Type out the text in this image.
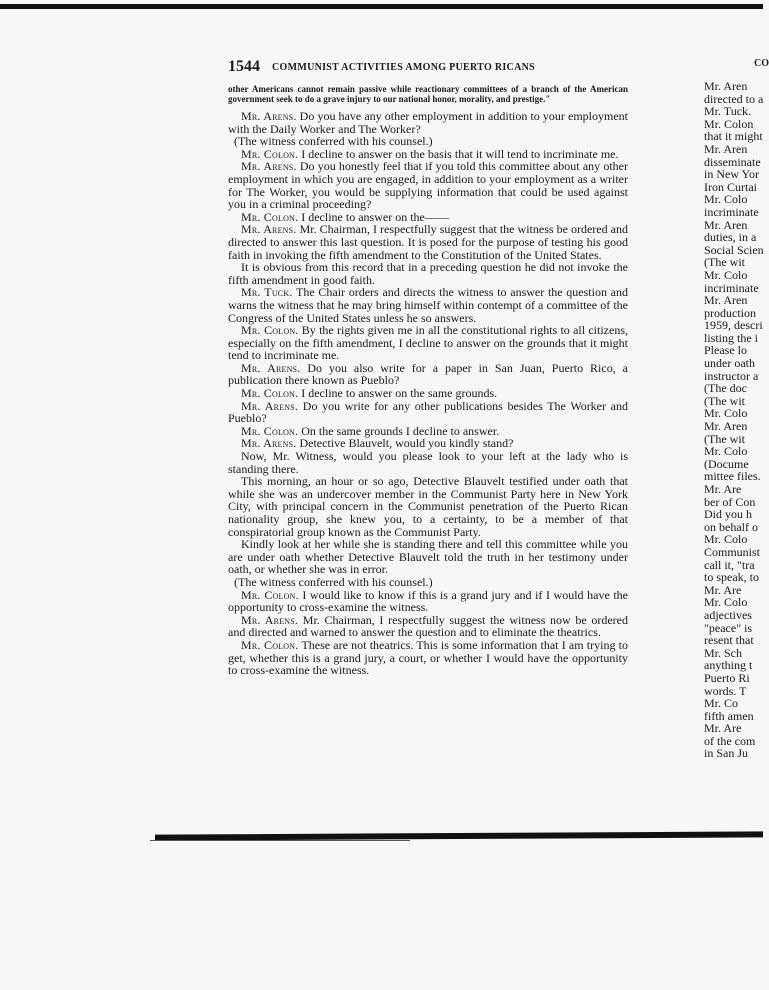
1544 COMMUNIST ACTIVITIES AMONG PUERTO RICANS
other Americans cannot remain passive while reactionary committees of a branch of the American government seek to do a grave injury to our national honor, morality, and prestige."

Mr. Arens. Do you have any other employment in addition to your employment with the Daily Worker and The Worker?

(The witness conferred with his counsel.)

Mr. Colon. I decline to answer on the basis that it will tend to incriminate me.

Mr. Arens. Do you honestly feel that if you told this committee about any other employment in which you are engaged, in addition to your employment as a writer for The Worker, you would be supplying information that could be used against you in a criminal proceeding?

Mr. Colon. I decline to answer on the——

Mr. Arens. Mr. Chairman, I respectfully suggest that the witness be ordered and directed to answer this last question. It is posed for the purpose of testing his good faith in invoking the fifth amendment to the Constitution of the United States.

It is obvious from this record that in a preceding question he did not invoke the fifth amendment in good faith.

Mr. Tuck. The Chair orders and directs the witness to answer the question and warns the witness that he may bring himself within contempt of a committee of the Congress of the United States unless he so answers.

Mr. Colon. By the rights given me in all the constitutional rights to all citizens, especially on the fifth amendment, I decline to answer on the grounds that it might tend to incriminate me.

Mr. Arens. Do you also write for a paper in San Juan, Puerto Rico, a publication there known as Pueblo?

Mr. Colon. I decline to answer on the same grounds.

Mr. Arens. Do you write for any other publications besides The Worker and Pueblo?

Mr. Colon. On the same grounds I decline to answer.

Mr. Arens. Detective Blauvelt, would you kindly stand?

Now, Mr. Witness, would you please look to your left at the lady who is standing there.

This morning, an hour or so ago, Detective Blauvelt testified under oath that while she was an undercover member in the Communist Party here in New York City, with principal concern in the Communist penetration of the Puerto Rican nationality group, she knew you, to a certainty, to be a member of that conspiratorial group known as the Communist Party.

Kindly look at her while she is standing there and tell this committee while you are under oath whether Detective Blauvelt told the truth in her testimony under oath, or whether she was in error.

(The witness conferred with his counsel.)

Mr. Colon. I would like to know if this is a grand jury and if I would have the opportunity to cross-examine the witness.

Mr. Arens. Mr. Chairman, I respectfully suggest the witness now be ordered and directed and warned to answer the question and to eliminate the theatrics.

Mr. Colon. These are not theatrics. This is some information that I am trying to get, whether this is a grand jury, a court, or whether I would have the opportunity to cross-examine the witness.

CO
Mr. Aren
directed to a
Mr. Tuck.
Mr. Colon
that it might
Mr. Aren
disseminate
in New Yor
Iron Curtai
Mr. Colo
incriminate
Mr. Aren
duties, in a
Social Scien
(The wit
Mr. Colo
incriminate
Mr. Aren
production
1959, descri
listing the i
Please lo
under oath
instructor a
(The doc
(The wit
Mr. Colo
Mr. Aren
(The wit
Mr. Colo
(Docume
mittee files.
Mr. Are
ber of Con
Did you h
on behalf o
Mr. Colo
Communist
call it, "tra
to speak, to
Mr. Are
Mr. Colo
adjectives
"peace" is
resent that
Mr. Sch
anything t
Puerto Ri
words. T
Mr. Co
fifth amen
Mr. Are
of the com
in San Ju
